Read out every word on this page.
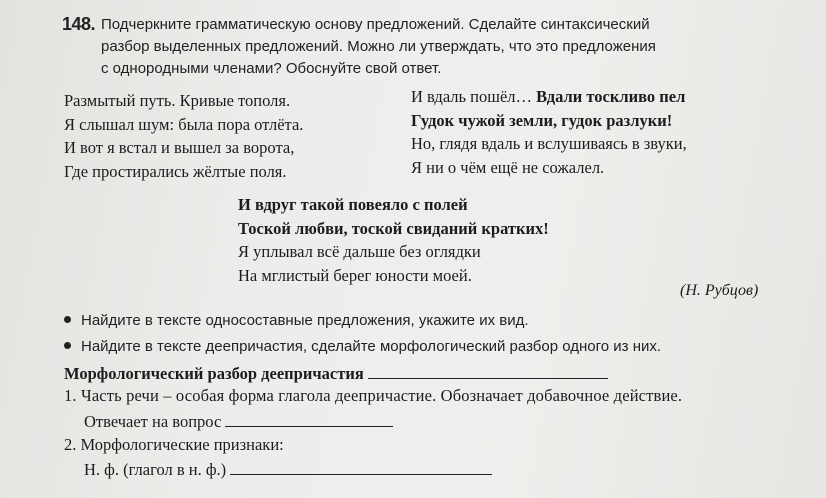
148. Подчеркните грамматическую основу предложений. Сделайте синтаксический
разбор выделенных предложений. Можно ли утверждать, что это предложения
с однородными членами? Обоснуйте свой ответ.
Размытый путь. Кривые тополя.
Я слышал шум: была пора отлёта.
И вот я встал и вышел за ворота,
Где простирались жёлтые поля.
И вдаль пошёл… Вдали тоскливо пел
Гудок чужой земли, гудок разлуки!
Но, глядя вдаль и вслушиваясь в звуки,
Я ни о чём ещё не сожалел.
И вдруг такой повеяло с полей
Тоской любви, тоской свиданий кратких!
Я уплывал всё дальше без оглядки
На мглистый берег юности моей.
(Н. Рубцов)
Найдите в тексте односоставные предложения, укажите их вид.
Найдите в тексте деепричастия, сделайте морфологический разбор одного из них.
Морфологический разбор деепричастия
1. Часть речи – особая форма глагола деепричастие. Обозначает добавочное действие.
Отвечает на вопрос
2. Морфологические признаки:
Н. ф. (глагол в н. ф.)
